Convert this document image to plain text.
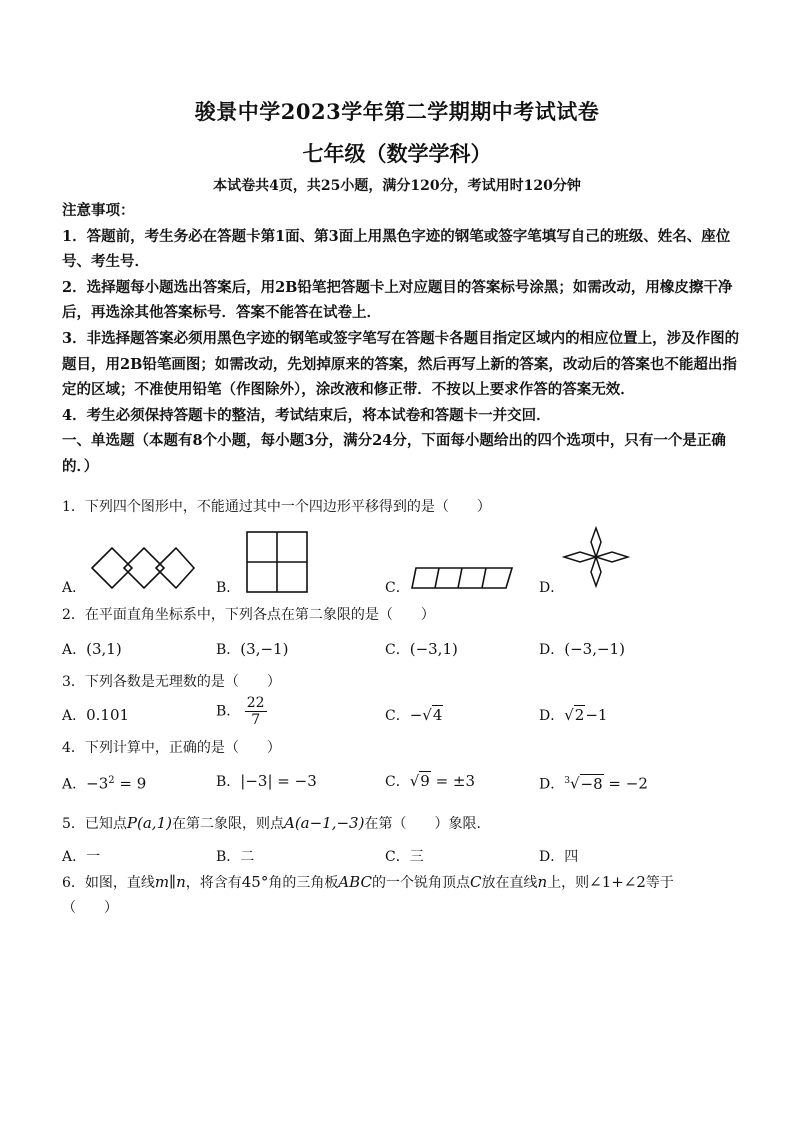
骏景中学2023学年第二学期期中考试试卷
七年级（数学学科）
本试卷共4页，共25小题，满分120分，考试用时120分钟

注意事项：

1．答题前，考生务必在答题卡第1面、第3面上用黑色字迹的钢笔或签字笔填写自己的班级、姓名、座位号、考生号．

2．选择题每小题选出答案后，用2B铅笔把答题卡上对应题目的答案标号涂黑；如需改动，用橡皮擦干净后，再选涂其他答案标号．答案不能答在试卷上．

3．非选择题答案必须用黑色字迹的钢笔或签字笔写在答题卡各题目指定区域内的相应位置上，涉及作图的题目，用2B铅笔画图；如需改动，先划掉原来的答案，然后再写上新的答案，改动后的答案也不能超出指定的区域；不准使用铅笔（作图除外），涂改液和修正带．不按以上要求作答的答案无效．

4．考生必须保持答题卡的整洁，考试结束后，将本试卷和答题卡一并交回．

一、单选题（本题有8个小题，每小题3分，满分24分，下面每小题给出的四个选项中，只有一个是正确的．）

1．下列四个图形中，不能通过其中一个四边形平移得到的是（　　）
A．	B．	C．	D．
2．在平面直角坐标系中，下列各点在第二象限的是（　　）
A．(3,1)	B．(3,−1)	C．(−3,1)	D．(−3,−1)
3．下列各数是无理数的是（　　）
A．0.101	B． $\frac{22}{7}$	C．−√4	D．√2−1
4．下列计算中，正确的是（　　）
A．$-3^2 = 9$	B．|−3| = −3	C．√9 = ±3	D．$^3$√−8 = −2
5．已知点P(a,1)在第二象限，则点A(a−1,−3)在第（　　）象限．
A．一	B．二	C．三	D．四
6．如图，直线m∥n，将含有45°角的三角板ABC的一个锐角顶点C放在直线n上，则∠1+∠2等于
（　　）
